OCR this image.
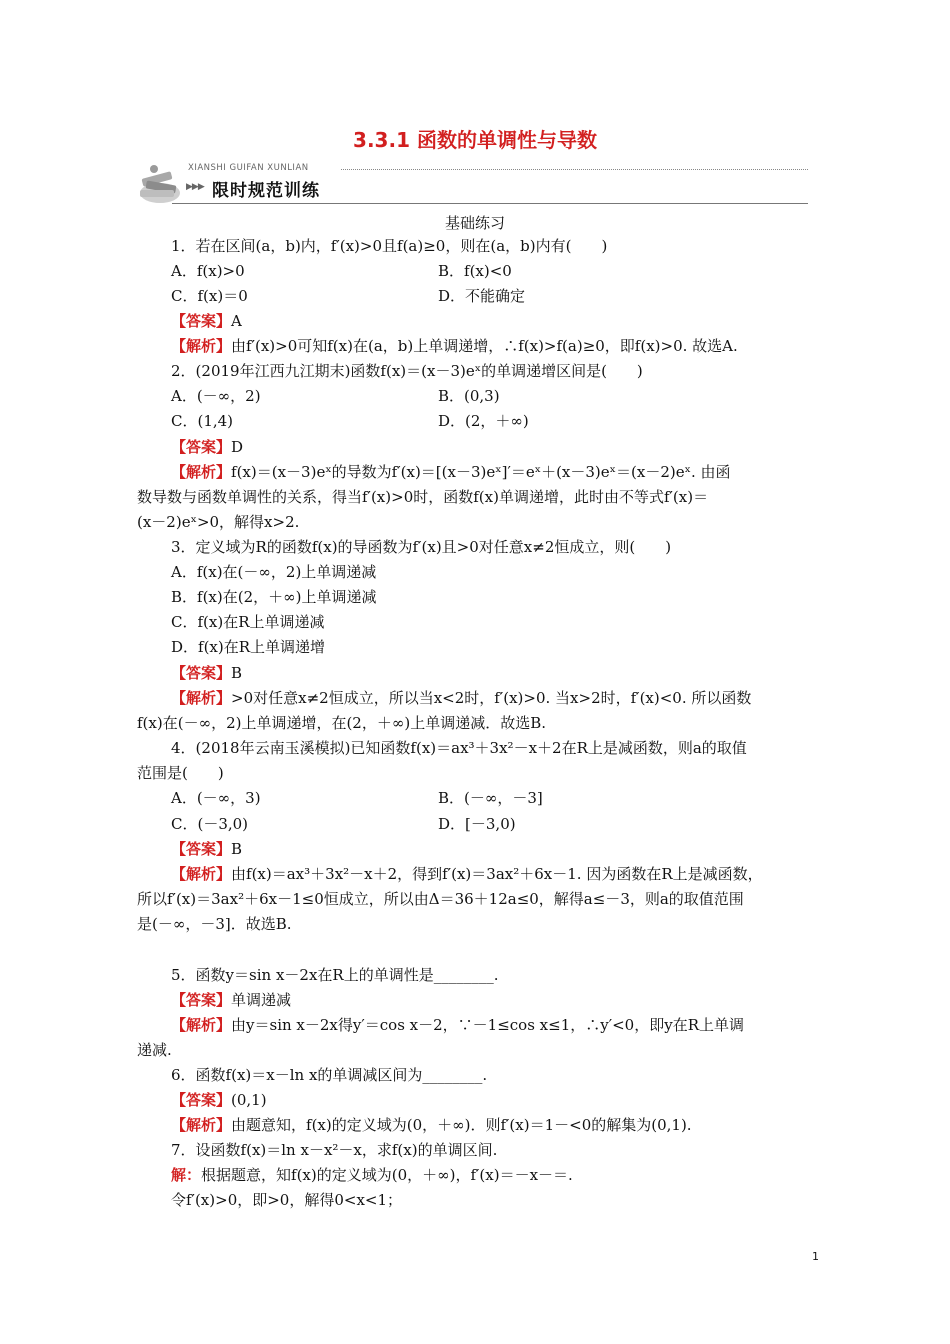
3.3.1 函数的单调性与导数
XIANSHI GUIFAN XUNLIAN
▶▶▶ 限时规范训练
基础练习
1．若在区间(a，b)内，f′(x)>0且f(a)≥0，则在(a，b)内有(　　)
A．f(x)>0	B．f(x)<0
C．f(x)＝0	D．不能确定
【答案】A
【解析】由f′(x)>0可知f(x)在(a，b)上单调递增，∴f(x)>f(a)≥0，即f(x)>0. 故选A.
2．(2019年江西九江期末)函数f(x)＝(x－3)eˣ的单调递增区间是(　　)
A．(－∞，2)	B．(0,3)
C．(1,4)	D．(2，＋∞)
【答案】D
【解析】f(x)＝(x－3)eˣ的导数为f′(x)＝[(x－3)eˣ]′＝eˣ＋(x－3)eˣ＝(x－2)eˣ. 由函
数导数与函数单调性的关系，得当f′(x)>0时，函数f(x)单调递增，此时由不等式f′(x)＝
(x－2)eˣ>0，解得x>2.
3．定义域为R的函数f(x)的导函数为f′(x)且>0对任意x≠2恒成立，则(　　)
A．f(x)在(－∞，2)上单调递减
B．f(x)在(2，＋∞)上单调递减
C．f(x)在R上单调递减
D．f(x)在R上单调递增
【答案】B
【解析】>0对任意x≠2恒成立，所以当x<2时，f′(x)>0. 当x>2时，f′(x)<0. 所以函数
f(x)在(－∞，2)上单调递增，在(2，＋∞)上单调递减．故选B.
4．(2018年云南玉溪模拟)已知函数f(x)＝ax³＋3x²－x＋2在R上是减函数，则a的取值
范围是(　　)
A．(－∞，3)	B．(－∞，－3]
C．(－3,0)	D．[－3,0)
【答案】B
【解析】由f(x)＝ax³＋3x²－x＋2，得到f′(x)＝3ax²＋6x－1. 因为函数在R上是减函数，
所以f′(x)＝3ax²＋6x－1≤0恒成立，所以由Δ＝36＋12a≤0，解得a≤－3，则a的取值范围
是(－∞，－3]．故选B.
5．函数y＝sin x－2x在R上的单调性是________.
【答案】单调递减
【解析】由y＝sin x－2x得y′＝cos x－2，∵－1≤cos x≤1，∴y′<0，即y在R上单调
递减.
6．函数f(x)＝x－ln x的单调减区间为________.
【答案】(0,1)
【解析】由题意知，f(x)的定义域为(0，＋∞)．则f′(x)＝1－<0的解集为(0,1).
7．设函数f(x)＝ln x－x²－x，求f(x)的单调区间.
解：根据题意，知f(x)的定义域为(0，＋∞)，f′(x)＝－x－＝.
令f′(x)>0，即>0，解得0<x<1；
1
